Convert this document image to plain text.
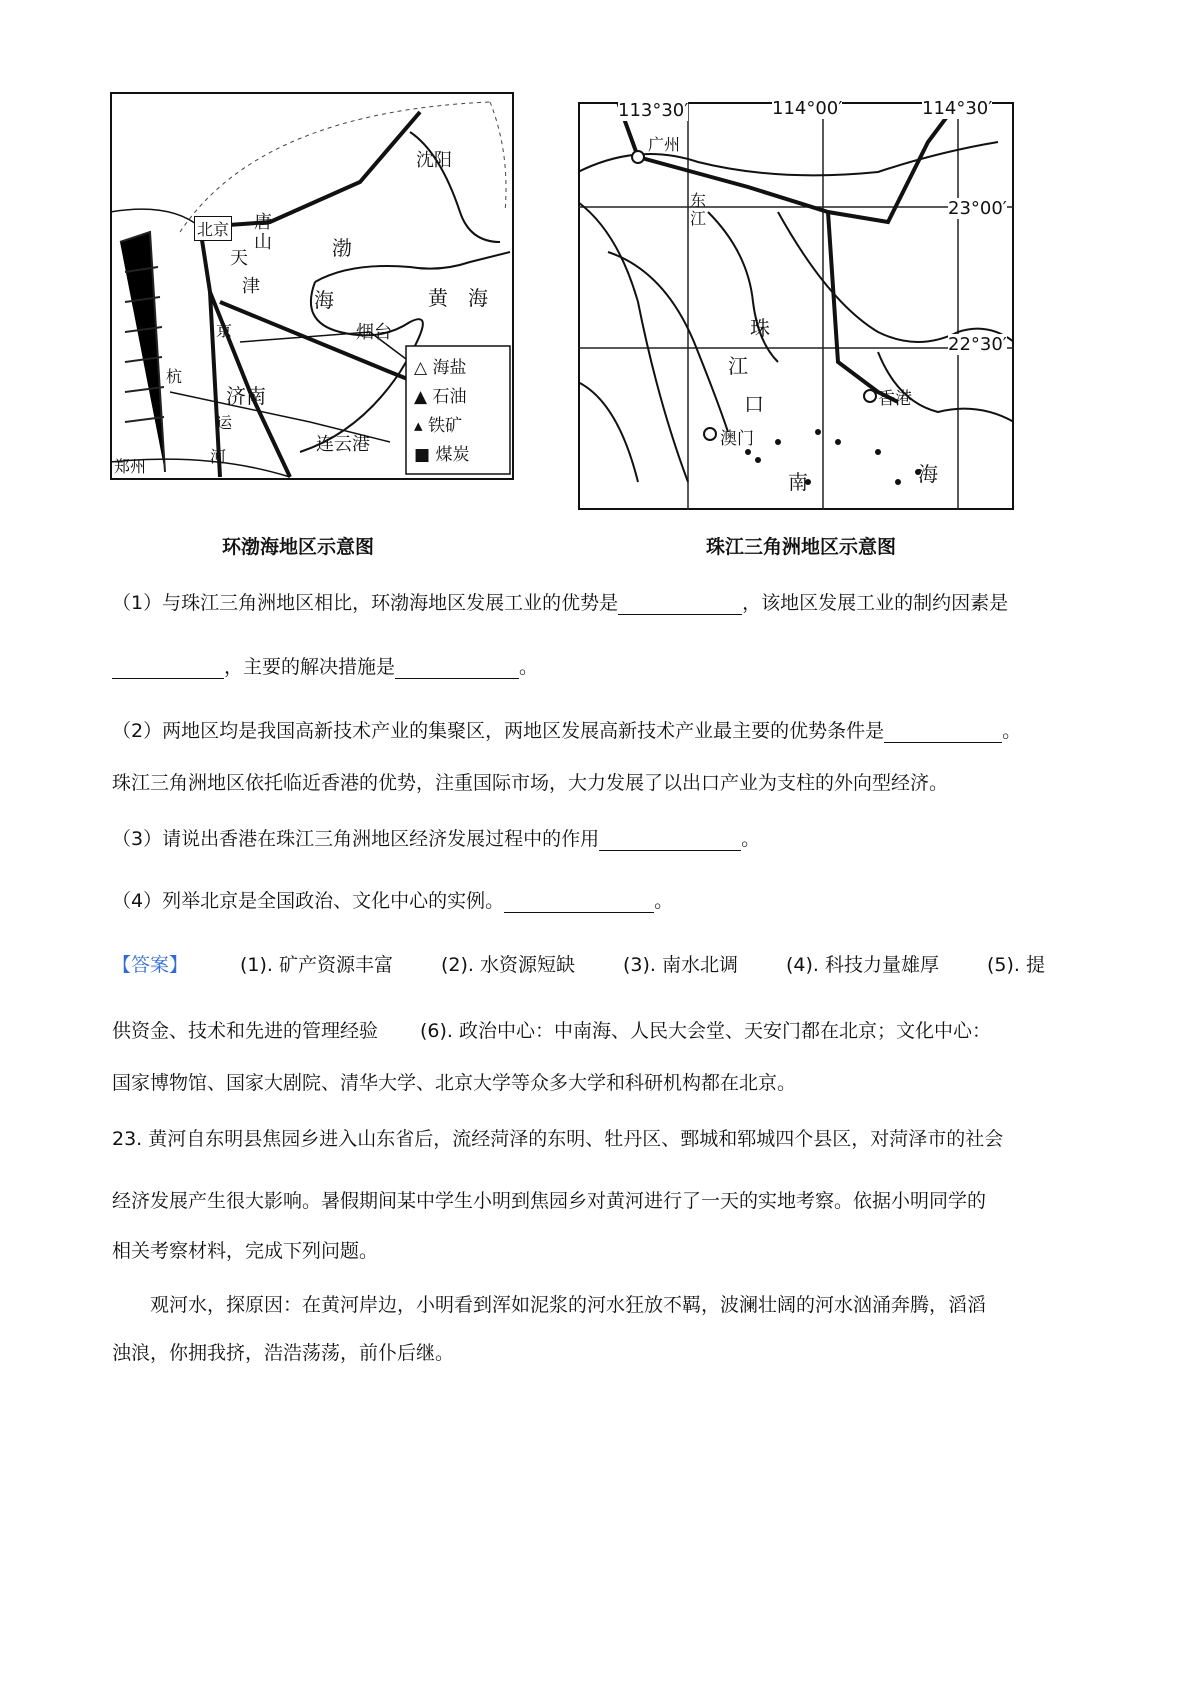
北京 唐
山
天
津
沈阳
渤
海	黄　海
烟台
济南
连云港
郑州
京
杭
运
河
△ 海盐
▲ 石油
▴ 铁矿
■ 煤炭
环渤海地区示意图
113°30′	114°00′	114°30′
23°00′
22°30′
广州
东江
珠
江
口
澳门
香港
南	海
珠江三角洲地区示意图
（1）与珠江三角洲地区相比，环渤海地区发展工业的优势是	，该地区发展工业的制约因素是
，主要的解决措施是	。
（2）两地区均是我国高新技术产业的集聚区，两地区发展高新技术产业最主要的优势条件是	。
珠江三角洲地区依托临近香港的优势，注重国际市场，大力发展了以出口产业为支柱的外向型经济。
（3）请说出香港在珠江三角洲地区经济发展过程中的作用	。
（4）列举北京是全国政治、文化中心的实例。	。
【答案】	(1). 矿产资源丰富	(2). 水资源短缺	(3). 南水北调	(4). 科技力量雄厚	(5). 提
供资金、技术和先进的管理经验 (6). 政治中心：中南海、人民大会堂、天安门都在北京；文化中心：
国家博物馆、国家大剧院、清华大学、北京大学等众多大学和科研机构都在北京。
23. 黄河自东明县焦园乡进入山东省后，流经菏泽的东明、牡丹区、鄄城和郓城四个县区，对菏泽市的社会
经济发展产生很大影响。暑假期间某中学生小明到焦园乡对黄河进行了一天的实地考察。依据小明同学的
相关考察材料，完成下列问题。
观河水，探原因：在黄河岸边，小明看到浑如泥浆的河水狂放不羁，波澜壮阔的河水汹涌奔腾，滔滔
浊浪，你拥我挤，浩浩荡荡，前仆后继。
